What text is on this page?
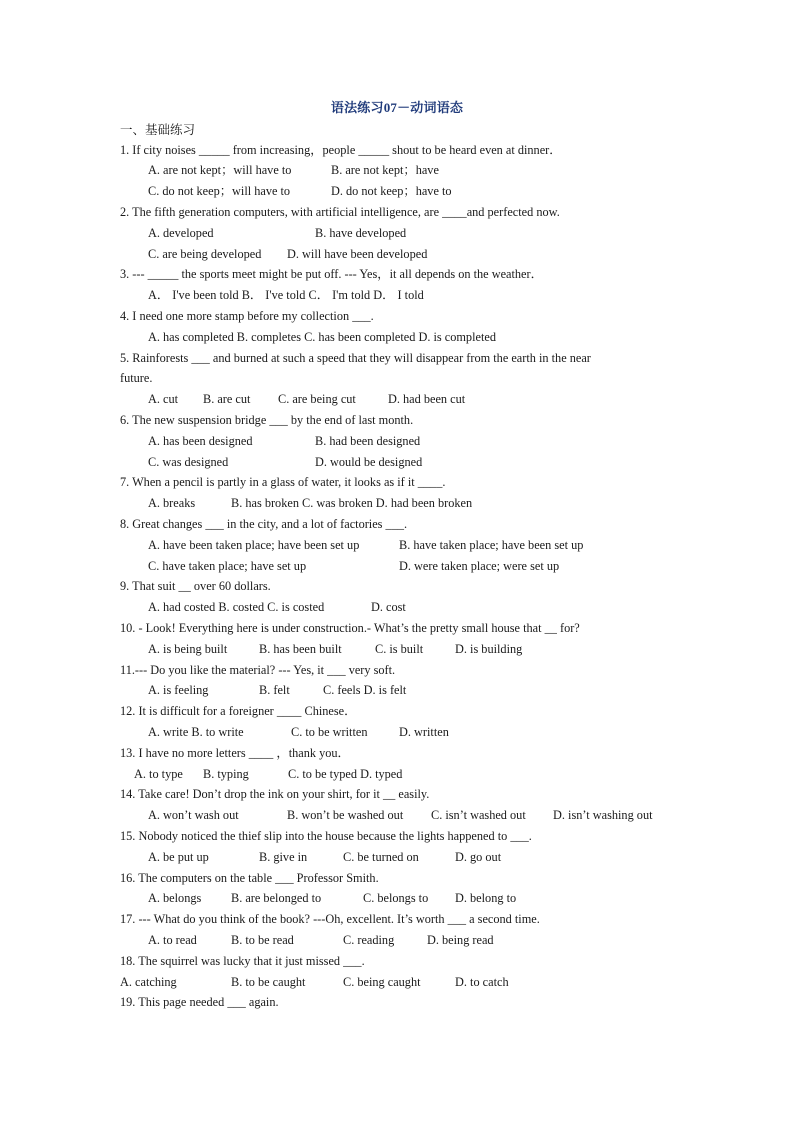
语法练习07－动词语态
一、基础练习
1. If city noises _____ from increasing，people _____ shout to be heard even at dinner．
A. are not kept；will have to	B. are not kept；have
C. do not keep；will have to	D. do not keep；have to
2. The fifth generation computers, with artificial intelligence, are ____and perfected now.
A. developed	B. have developed
C. are being developed D. will have been developed
3. --- _____ the sports meet might be put off. --- Yes，it all depends on the weather．
A． I've been told B． I've told C． I'm told D． I told
4. I need one more stamp before my collection ___.
A. has completed B. completes C. has been completed D. is completed
5. Rainforests ___ and burned at such a speed that they will disappear from the earth in the near
future.
A. cut B. are cut C. are being cut	D. had been cut
6. The new suspension bridge ___ by the end of last month.
A. has been designed	B. had been designed
C. was designed	D. would be designed
7. When a pencil is partly in a glass of water, it looks as if it ____.
A. breaks	B. has broken C. was broken D. had been broken
8. Great changes ___ in the city, and a lot of factories ___.
A. have been taken place; have been set up	B. have taken place; have been set up
C. have taken place; have set up	D. were taken place; were set up
9. That suit __ over 60 dollars.
A. had costed B. costed C. is costed	D. cost
10. - Look! Everything here is under construction.- What’s the pretty small house that __ for?
A. is being built	B. has been built	C. is built	D. is building
11.--- Do you like the material? --- Yes, it ___ very soft.
A. is feeling	B. felt	C. feels D. is felt
12. It is difficult for a foreigner ____ Chinese．
A. write B. to write	C. to be written	D. written
13. I have no more letters ____ ，thank you．
A. to type B. typing	C. to be typed D. typed
14. Take care! Don’t drop the ink on your shirt, for it __ easily.
A. won’t wash out	B. won’t be washed out C. isn’t washed out D. isn’t washing out
15. Nobody noticed the thief slip into the house because the lights happened to ___.
A. be put up	B. give in	C. be turned on	D. go out
16. The computers on the table ___ Professor Smith.
A. belongs B. are belonged to	C. belongs to D. belong to
17. --- What do you think of the book? ---Oh, excellent. It’s worth ___ a second time.
A. to read	B. to be read	C. reading	D. being read
18. The squirrel was lucky that it just missed ___.
A. catching	B. to be caught	C. being caught	D. to catch
19. This page needed ___ again.
